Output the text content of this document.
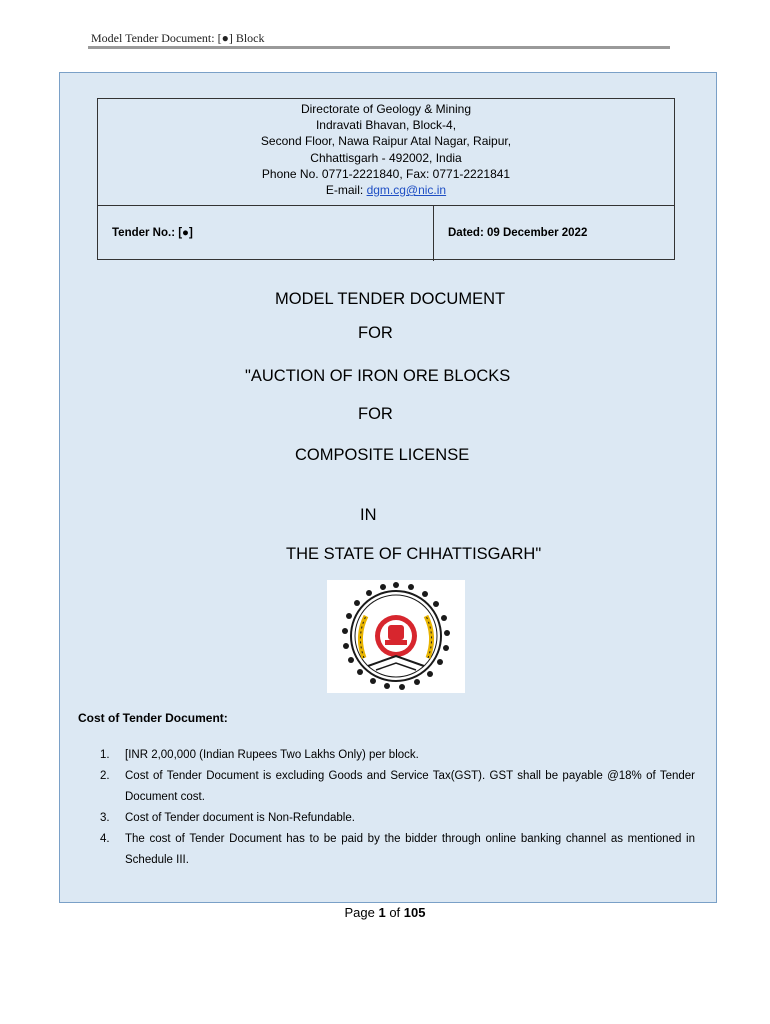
Model Tender Document: [●] Block
Directorate of Geology & Mining
Indravati Bhavan, Block-4,
Second Floor, Nawa Raipur Atal Nagar, Raipur,
Chhattisgarh - 492002, India
Phone No. 0771-2221840, Fax: 0771-2221841
E-mail: dgm.cg@nic.in
Tender No.: [●]	Dated: 09 December 2022
MODEL TENDER DOCUMENT
FOR
"AUCTION OF IRON ORE BLOCKS
FOR
COMPOSITE LICENSE
IN
THE STATE OF CHHATTISGARH"
Cost of Tender Document:
1. [INR 2,00,000 (Indian Rupees Two Lakhs Only) per block.
2. Cost of Tender Document is excluding Goods and Service Tax(GST). GST shall be payable @18% of Tender Document cost.
3. Cost of Tender document is Non-Refundable.
4. The cost of Tender Document has to be paid by the bidder through online banking channel as mentioned in Schedule III.
Page 1 of 105
